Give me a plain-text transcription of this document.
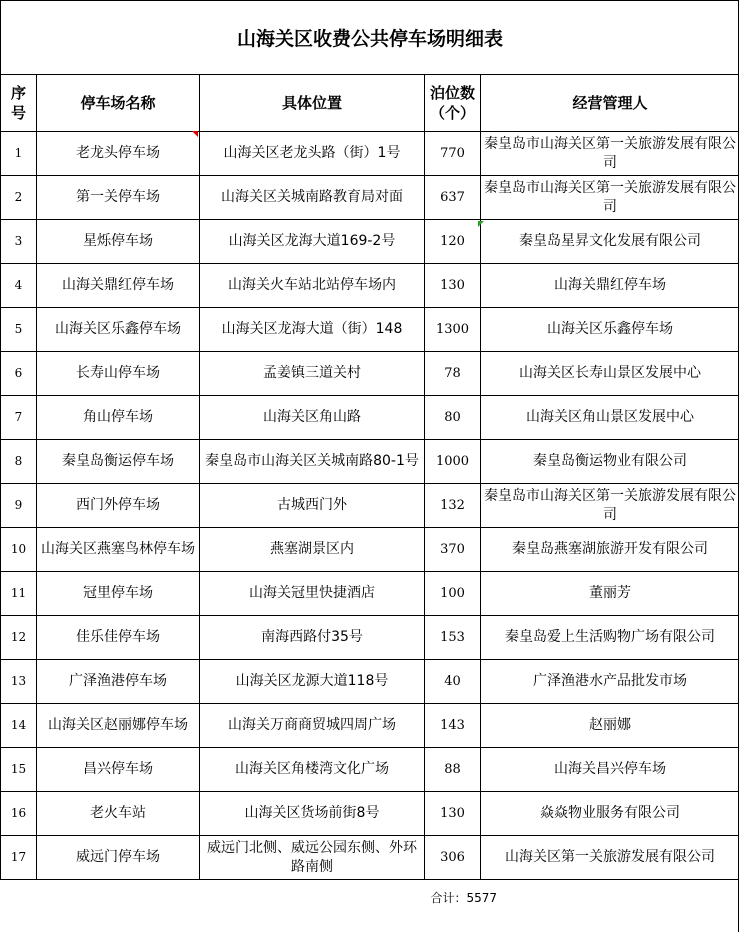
山海关区收费公共停车场明细表				
序号	停车场名称	具体位置	泊位数（个）	经营管理人
1	老龙头停车场	山海关区老龙头路（街）1号	770	秦皇岛市山海关区第一关旅游发展有限公司
2	第一关停车场	山海关区关城南路教育局对面	637	秦皇岛市山海关区第一关旅游发展有限公司
3	星烁停车场	山海关区龙海大道169-2号	120	秦皇岛星昇文化发展有限公司
4	山海关鼎红停车场	山海关火车站北站停车场内	130	山海关鼎红停车场
5	山海关区乐鑫停车场	山海关区龙海大道（街）148	1300	山海关区乐鑫停车场
6	长寿山停车场	孟姜镇三道关村	78	山海关区长寿山景区发展中心
7	角山停车场	山海关区角山路	80	山海关区角山景区发展中心
8	秦皇岛衡运停车场	秦皇岛市山海关区关城南路80-1号	1000	秦皇岛衡运物业有限公司
9	西门外停车场	古城西门外	132	秦皇岛市山海关区第一关旅游发展有限公司
10	山海关区燕塞鸟林停车场	燕塞湖景区内	370	秦皇岛燕塞湖旅游开发有限公司
11	冠里停车场	山海关冠里快捷酒店	100	董丽芳
12	佳乐佳停车场	南海西路付35号	153	秦皇岛爱上生活购物广场有限公司
13	广泽渔港停车场	山海关区龙源大道118号	40	广泽渔港水产品批发市场
14	山海关区赵丽娜停车场	山海关万商商贸城四周广场	143	赵丽娜
15	昌兴停车场	山海关区角楼湾文化广场	88	山海关昌兴停车场
16	老火车站	山海关区货场前街8号	130	焱焱物业服务有限公司
17	威远门停车场	威远门北侧、威远公园东侧、外环路南侧	306	山海关区第一关旅游发展有限公司
			合计：5577	
